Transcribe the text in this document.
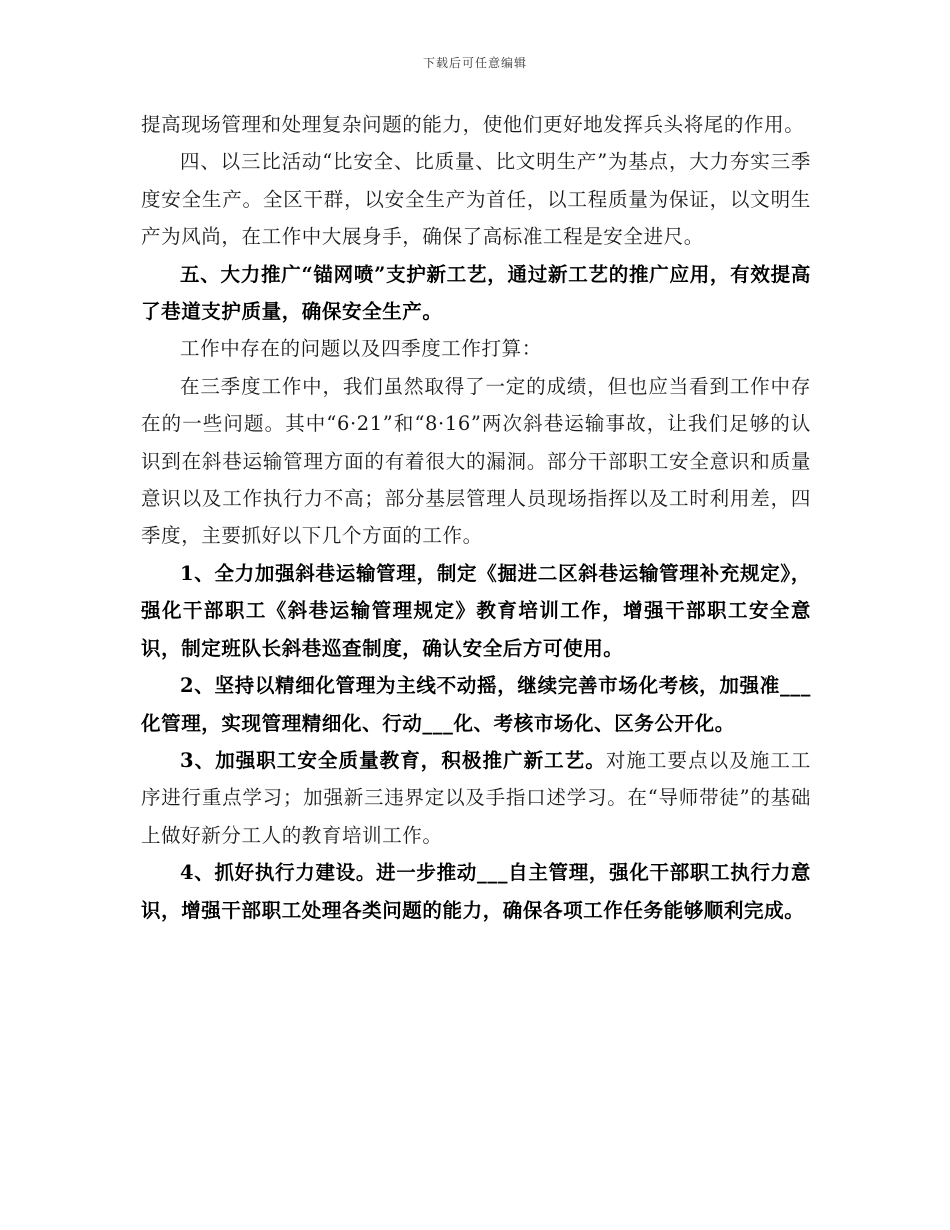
下载后可任意编辑

提高现场管理和处理复杂问题的能力，使他们更好地发挥兵头将尾的作用。

四、以三比活动“比安全、比质量、比文明生产”为基点，大力夯实三季度安全生产。全区干群，以安全生产为首任，以工程质量为保证，以文明生产为风尚，在工作中大展身手，确保了高标准工程是安全进尺。

五、大力推广“锚网喷”支护新工艺，通过新工艺的推广应用，有效提高了巷道支护质量，确保安全生产。

工作中存在的问题以及四季度工作打算：

在三季度工作中，我们虽然取得了一定的成绩，但也应当看到工作中存在的一些问题。其中“6·21”和“8·16”两次斜巷运输事故，让我们足够的认识到在斜巷运输管理方面的有着很大的漏洞。部分干部职工安全意识和质量意识以及工作执行力不高；部分基层管理人员现场指挥以及工时利用差，四季度，主要抓好以下几个方面的工作。

1、全力加强斜巷运输管理，制定《掘进二区斜巷运输管理补充规定》，强化干部职工《斜巷运输管理规定》教育培训工作，增强干部职工安全意识，制定班队长斜巷巡查制度，确认安全后方可使用。

2、坚持以精细化管理为主线不动摇，继续完善市场化考核，加强准___化管理，实现管理精细化、行动___化、考核市场化、区务公开化。

3、加强职工安全质量教育，积极推广新工艺。对施工要点以及施工工序进行重点学习；加强新三违界定以及手指口述学习。在“导师带徒”的基础上做好新分工人的教育培训工作。

4、抓好执行力建设。进一步推动___自主管理，强化干部职工执行力意识，增强干部职工处理各类问题的能力，确保各项工作任务能够顺利完成。
